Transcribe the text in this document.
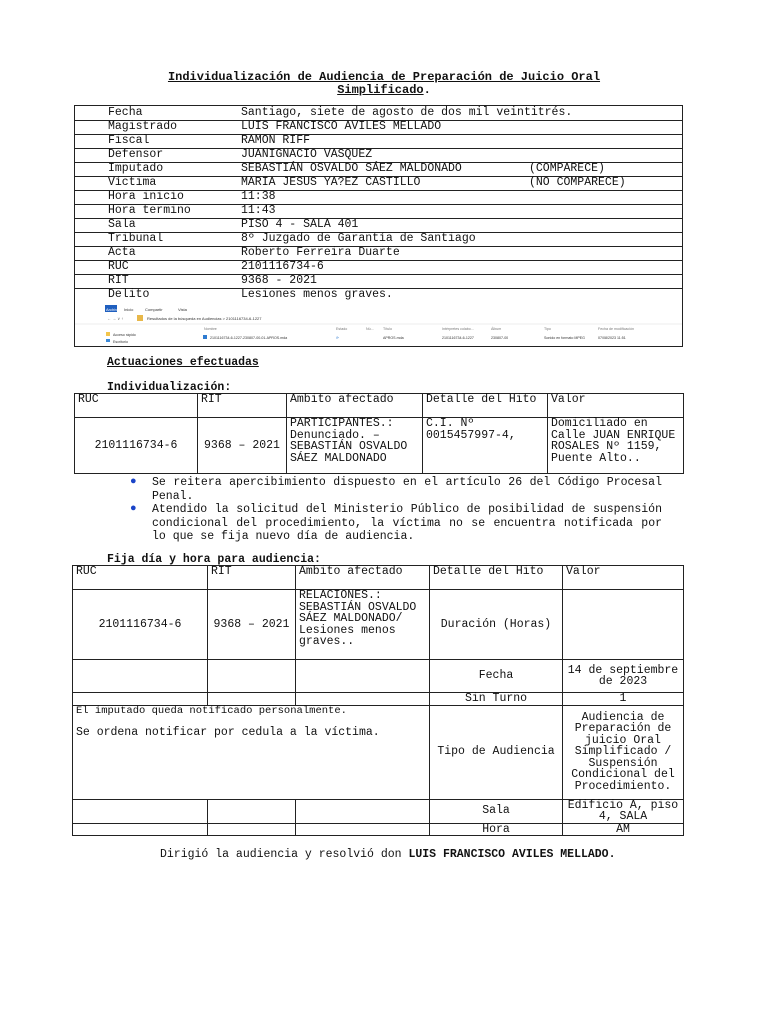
Individualización de Audiencia de Preparación de Juicio Oral
Simplificado.
Fecha	Santiago, siete de agosto de dos mil veintitrés.
Magistrado	LUIS FRANCISCO AVILES MELLADO
Fiscal	RAMON RIFF
Defensor	JUANIGNACIO VASQUEZ
Imputado	SEBASTIÁN OSVALDO SÁEZ MALDONADO	(COMPARECE)
Víctima	MARIA JESUS YA?EZ CASTILLO	(NO COMPARECE)
Hora inicio	11:38
Hora termino	11:43
Sala	PISO 4 - SALA 401
Tribunal	8º Juzgado de Garantía de Santiago
Acta	Roberto Ferreira Duarte
RUC	2101116734-6
RIT	9368 - 2021
Delito	Lesiones menos graves.
Archivo Inicio	Compartir	Vista
← → ∨ ↑	Resultados de la búsqueda en Audiencias > 2101116734-6-1227
Nombre	Estado	Nú...	Título	Intérpretes colabo...	Álbum	Tipo	Fecha de modificación
Acceso rápido
Escritorio
2101116734-6-1227-230807-00-01-APROS.mda	⟳	APROS.mda	2101116734-6-1227	230807-00	Sonido en formato MPEG	07/08/2023 11:51
Actuaciones efectuadas
Individualización:
RUC	RIT	Ambito afectado	Detalle del Hito	Valor
2101116734-6	9368 – 2021	PARTICIPANTES.: Denunciado. – SEBASTIÁN OSVALDO SÁEZ MALDONADO	C.I. Nº 0015457997-4,	Domiciliado en Calle JUAN ENRIQUE ROSALES Nº 1159, Puente Alto..
● Se reitera apercibimiento dispuesto en el artículo 26 del Código Procesal Penal.
● Atendido la solicitud del Ministerio Público de posibilidad de suspensión condicional del procedimiento, la víctima no se encuentra notificada por lo que se fija nuevo día de audiencia.
Fija día y hora para audiencia:
RUC	RIT	Ambito afectado	Detalle del Hito	Valor
2101116734-6	9368 – 2021	RELACIONES.: SEBASTIÁN OSVALDO SÁEZ MALDONADO/ Lesiones menos graves..	Duración (Horas)	
			Fecha	14 de septiembre de 2023
			Sin Turno	1

El imputado queda notificado personalmente.
Se ordena notificar por cedula a la víctima.			Tipo de Audiencia	Audiencia de Preparación de juicio Oral Simplificado / Suspensión Condicional del Procedimiento.
			Sala	Edificio A, piso 4, SALA
			Hora	AM
Dirigió la audiencia y resolvió don LUIS FRANCISCO AVILES MELLADO.
